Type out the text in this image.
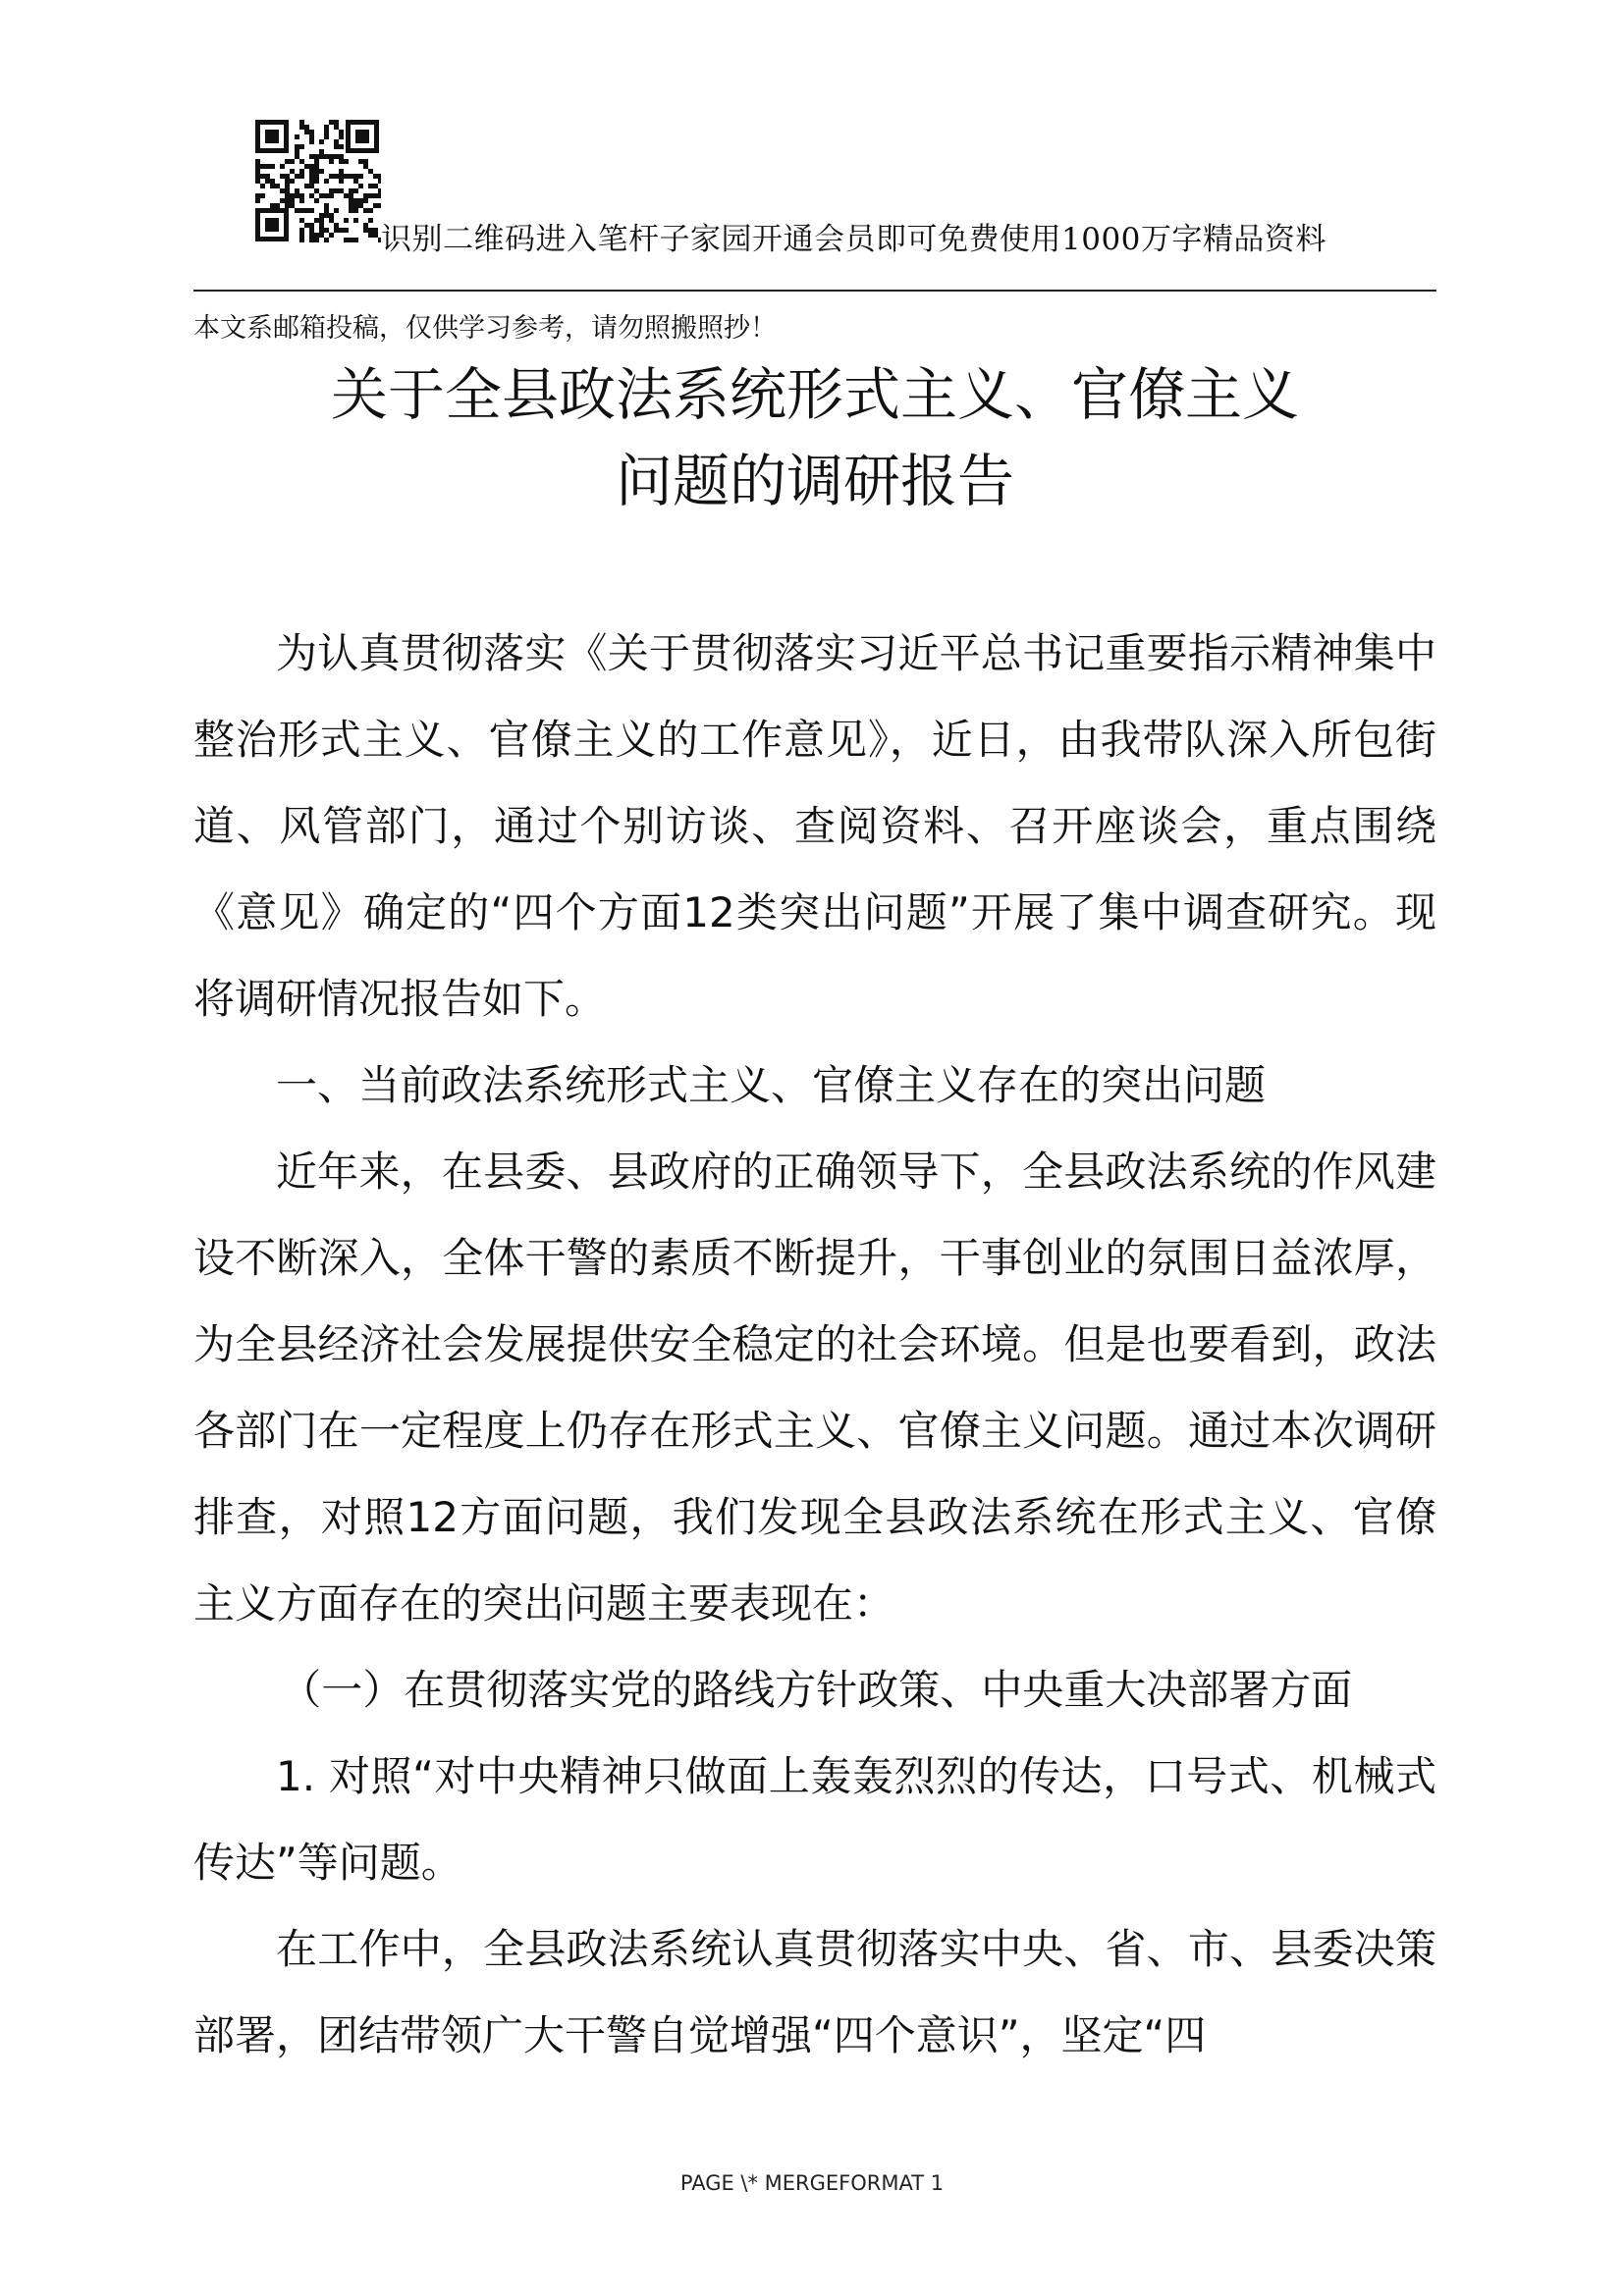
识别二维码进入笔杆子家园开通会员即可免费使用1000万字精品资料
本文系邮箱投稿，仅供学习参考，请勿照搬照抄！
关于全县政法系统形式主义、官僚主义
问题的调研报告

为认真贯彻落实《关于贯彻落实习近平总书记重要指示精神集中整治形式主义、官僚主义的工作意见》，近日，由我带队深入所包街道、风管部门，通过个别访谈、查阅资料、召开座谈会，重点围绕《意见》确定的“四个方面12类突出问题”开展了集中调查研究。现将调研情况报告如下。

一、当前政法系统形式主义、官僚主义存在的突出问题

近年来，在县委、县政府的正确领导下，全县政法系统的作风建设不断深入，全体干警的素质不断提升，干事创业的氛围日益浓厚，为全县经济社会发展提供安全稳定的社会环境。但是也要看到，政法各部门在一定程度上仍存在形式主义、官僚主义问题。通过本次调研排查，对照12方面问题，我们发现全县政法系统在形式主义、官僚主义方面存在的突出问题主要表现在：

（一）在贯彻落实党的路线方针政策、中央重大决部署方面

1. 对照“对中央精神只做面上轰轰烈烈的传达，口号式、机械式传达”等问题。

在工作中，全县政法系统认真贯彻落实中央、省、市、县委决策部署，团结带领广大干警自觉增强“四个意识”，坚定“四

PAGE \* MERGEFORMAT 1
